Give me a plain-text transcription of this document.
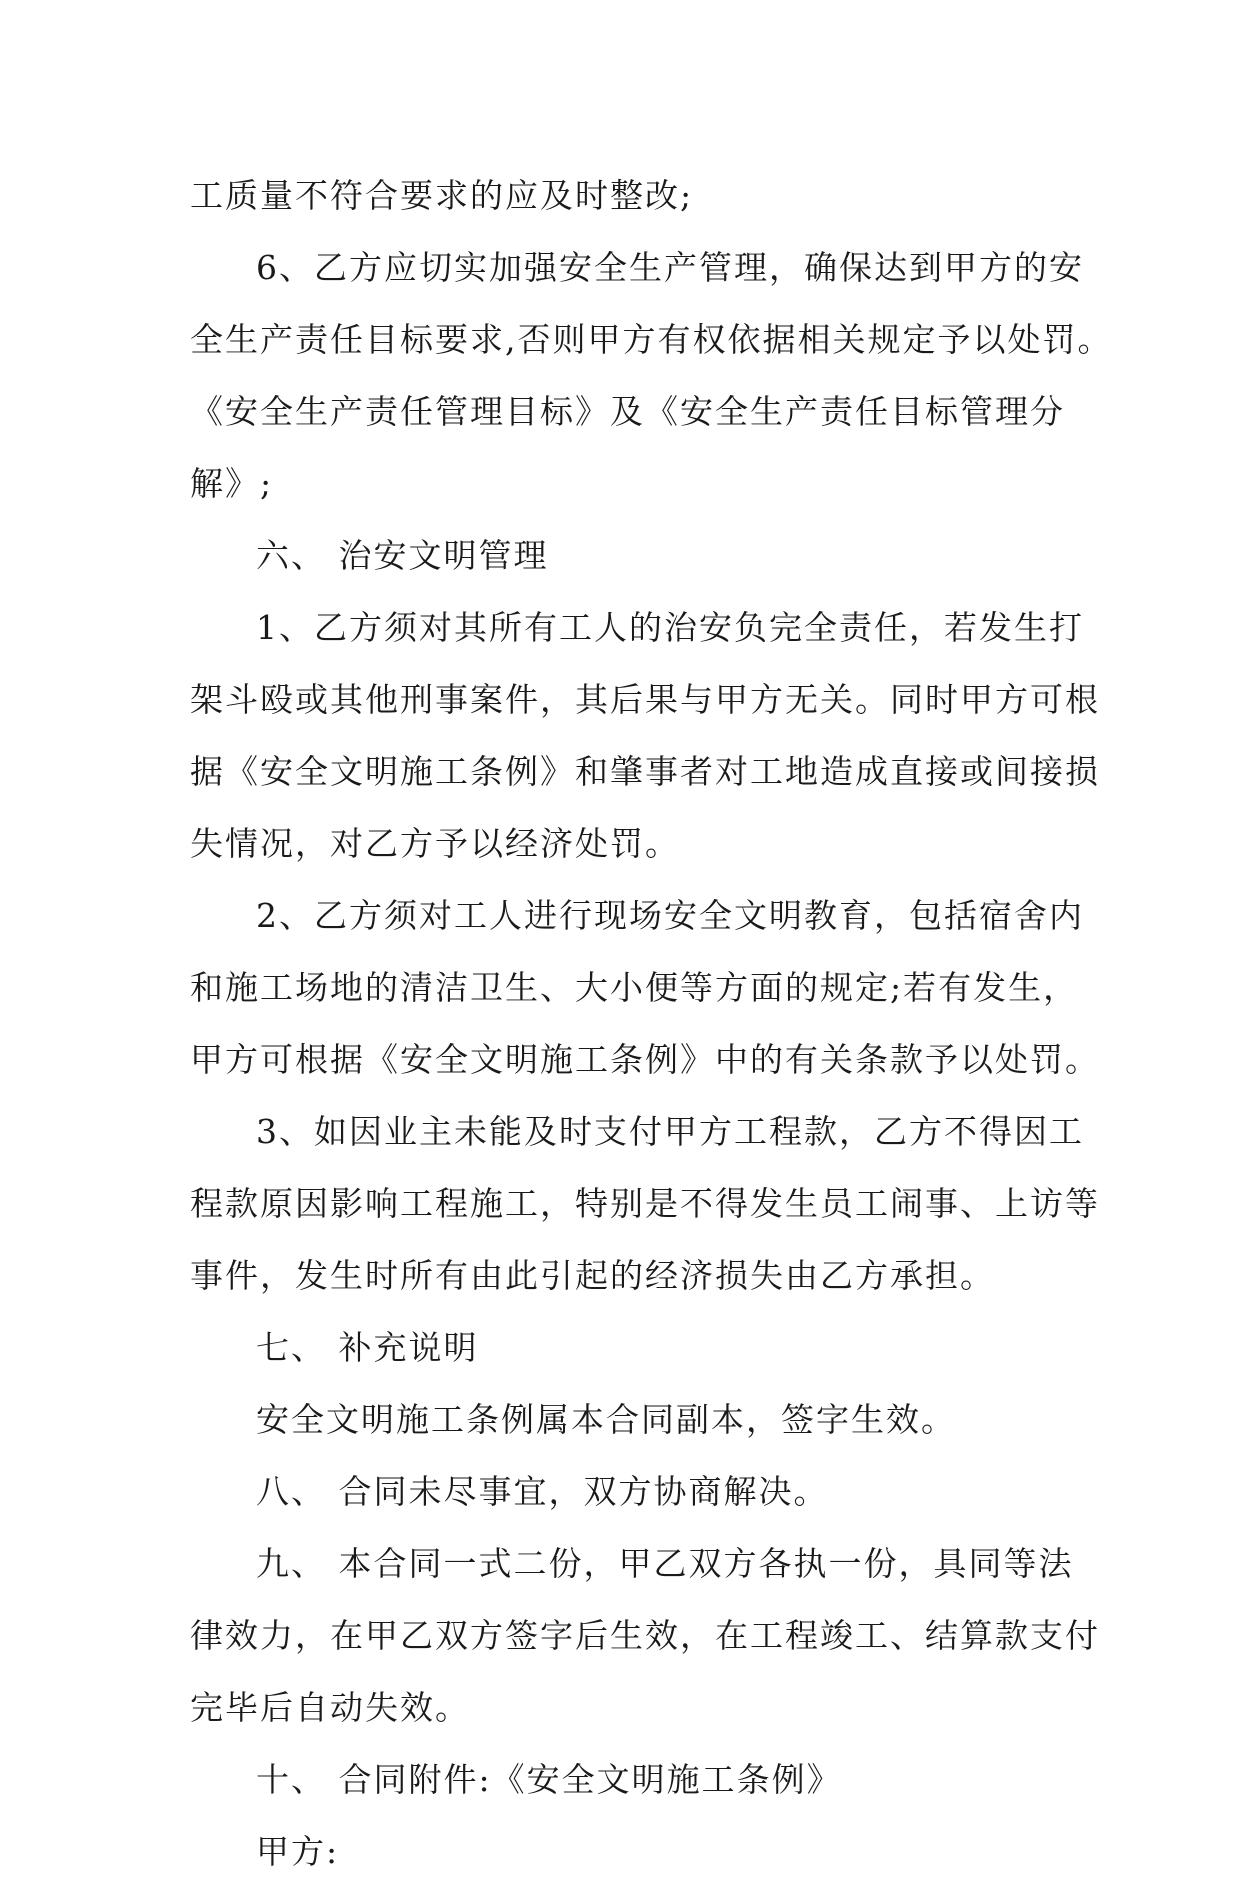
工质量不符合要求的应及时整改;
6、乙方应切实加强安全生产管理，确保达到甲方的安
全生产责任目标要求,否则甲方有权依据相关规定予以处罚。
《安全生产责任管理目标》及《安全生产责任目标管理分
解》;
六、 治安文明管理
1、乙方须对其所有工人的治安负完全责任，若发生打
架斗殴或其他刑事案件，其后果与甲方无关。同时甲方可根
据《安全文明施工条例》和肇事者对工地造成直接或间接损
失情况，对乙方予以经济处罚。
2、乙方须对工人进行现场安全文明教育，包括宿舍内
和施工场地的清洁卫生、大小便等方面的规定;若有发生，
甲方可根据《安全文明施工条例》中的有关条款予以处罚。
3、如因业主未能及时支付甲方工程款，乙方不得因工
程款原因影响工程施工，特别是不得发生员工闹事、上访等
事件，发生时所有由此引起的经济损失由乙方承担。
七、 补充说明
安全文明施工条例属本合同副本，签字生效。
八、 合同未尽事宜，双方协商解决。
九、 本合同一式二份，甲乙双方各执一份，具同等法
律效力，在甲乙双方签字后生效，在工程竣工、结算款支付
完毕后自动失效。
十、 合同附件:《安全文明施工条例》
甲方:
